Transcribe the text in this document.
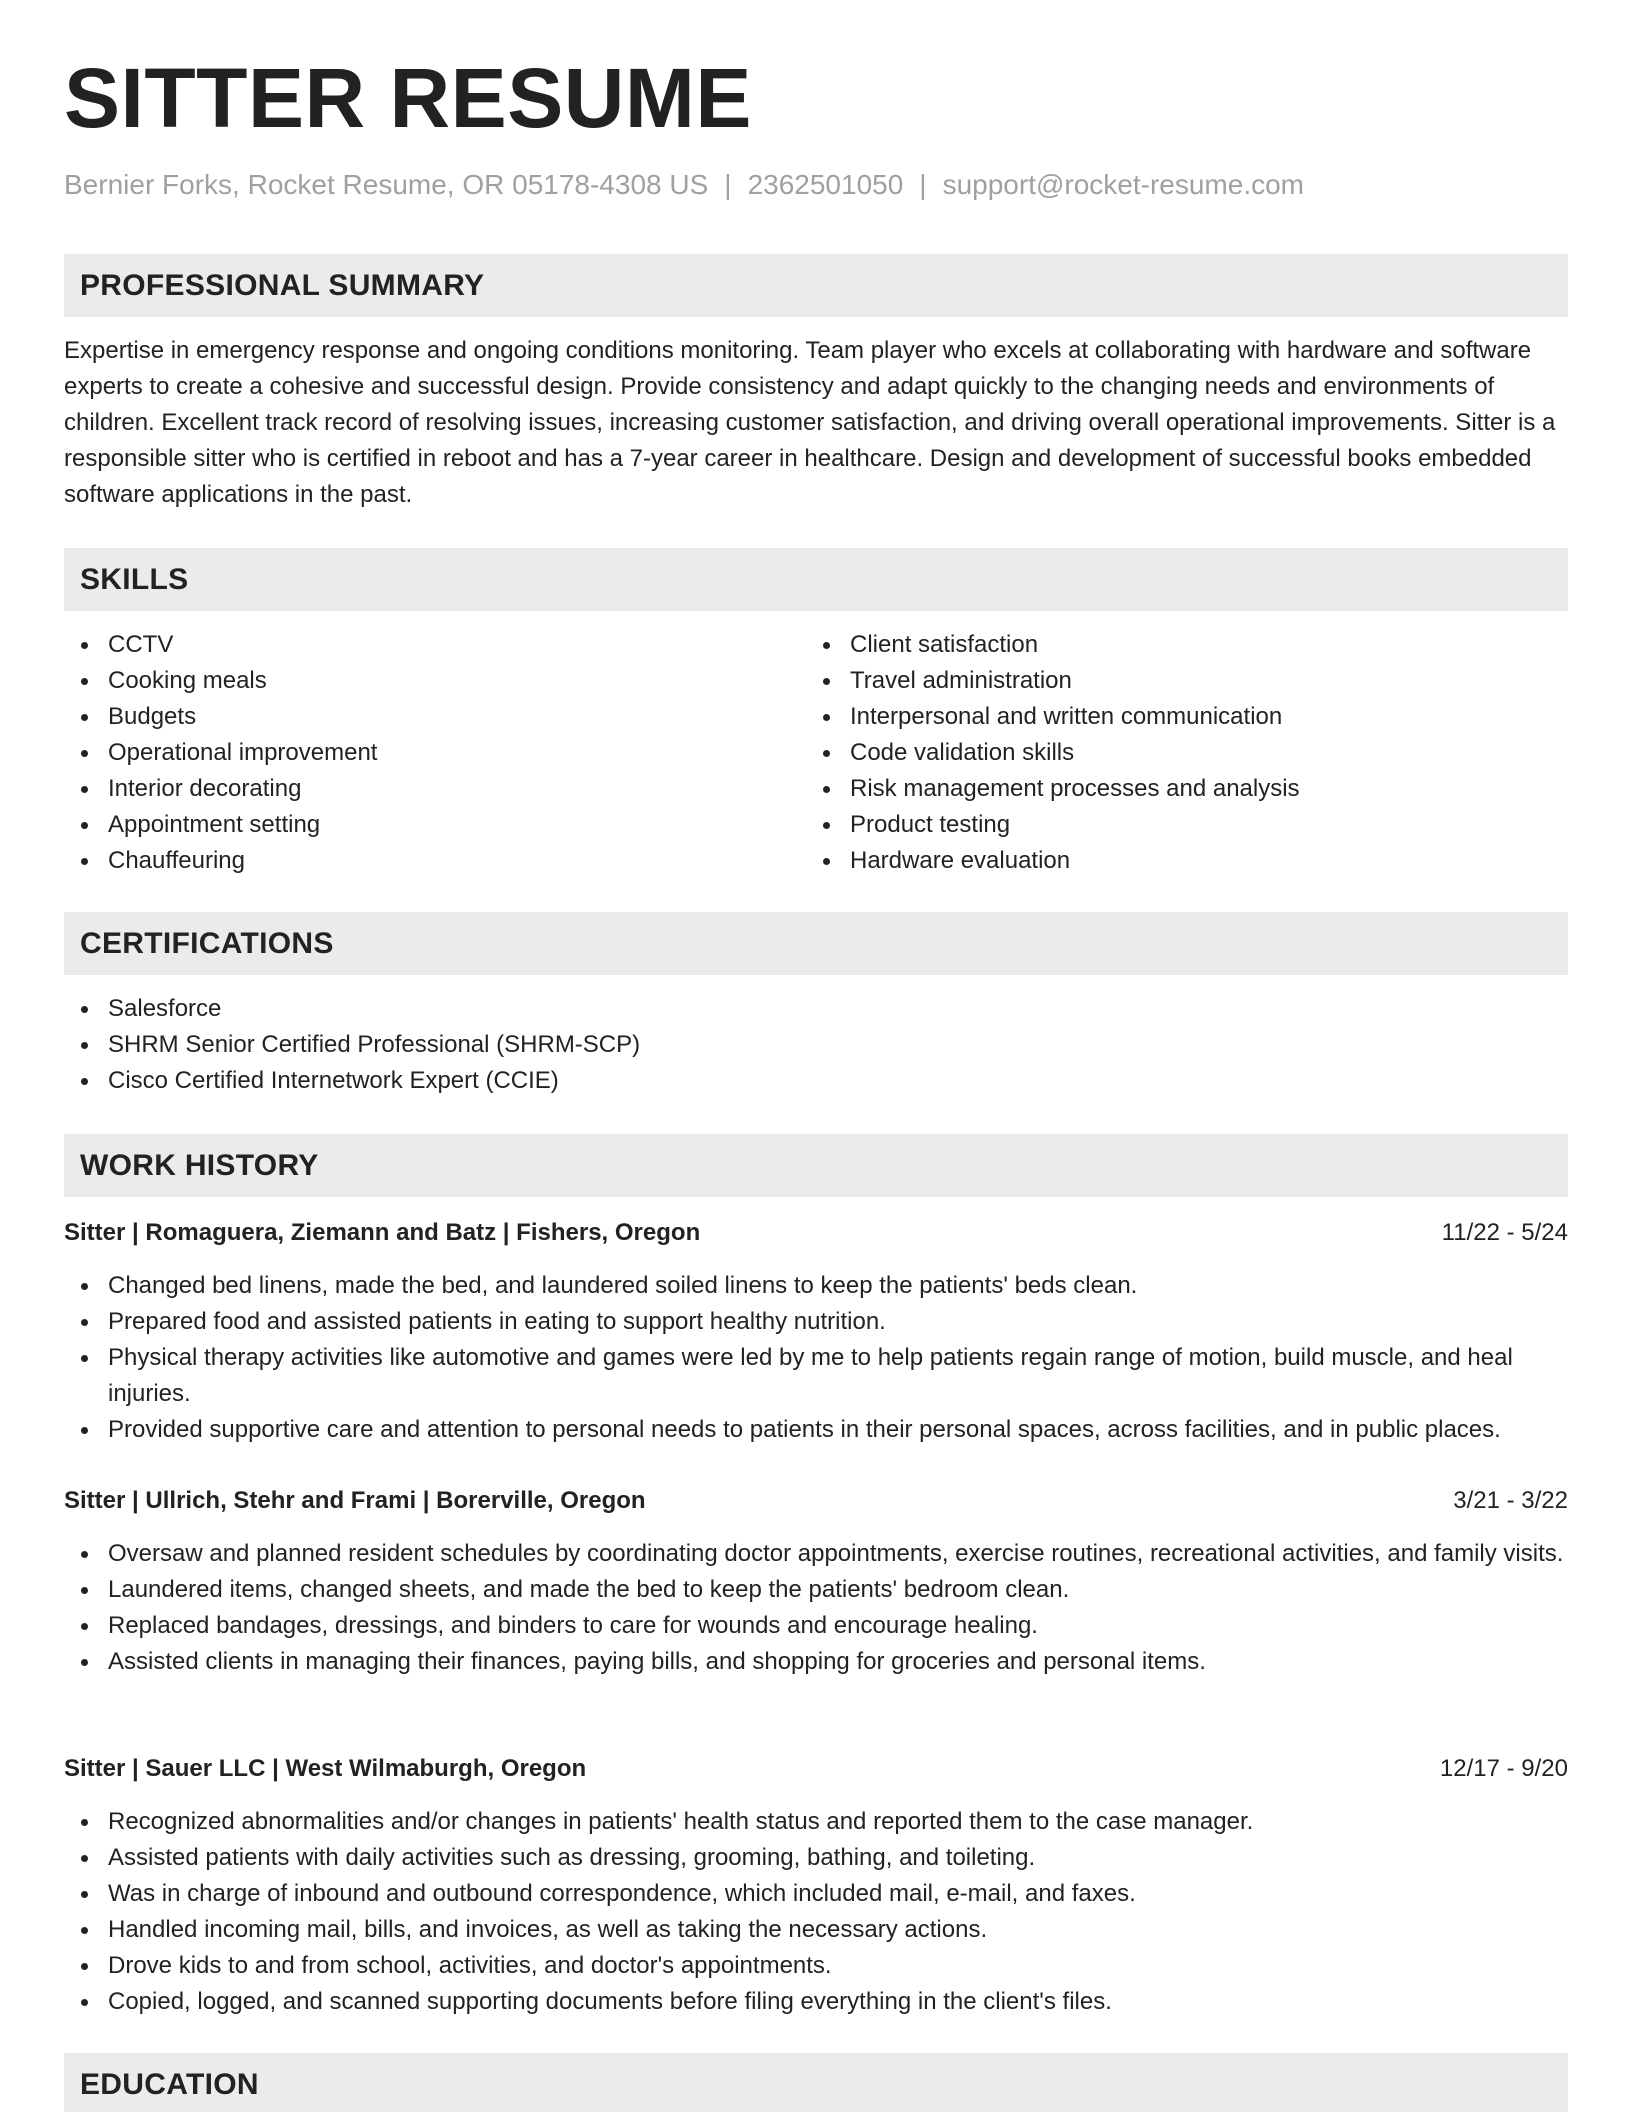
SITTER RESUME
Bernier Forks, Rocket Resume, OR 05178-4308 US | 2362501050 | support@rocket-resume.com
PROFESSIONAL SUMMARY

Expertise in emergency response and ongoing conditions monitoring. Team player who excels at collaborating with hardware and software experts to create a cohesive and successful design. Provide consistency and adapt quickly to the changing needs and environments of children. Excellent track record of resolving issues, increasing customer satisfaction, and driving overall operational improvements. Sitter is a responsible sitter who is certified in reboot and has a 7-year career in healthcare. Design and development of successful books embedded software applications in the past.

SKILLS
CCTV
Cooking meals
Budgets
Operational improvement
Interior decorating
Appointment setting
Chauffeuring
Client satisfaction
Travel administration
Interpersonal and written communication
Code validation skills
Risk management processes and analysis
Product testing
Hardware evaluation
CERTIFICATIONS
Salesforce
SHRM Senior Certified Professional (SHRM-SCP)
Cisco Certified Internetwork Expert (CCIE)
WORK HISTORY
Sitter | Romaguera, Ziemann and Batz | Fishers, Oregon	11/22 - 5/24
Changed bed linens, made the bed, and laundered soiled linens to keep the patients' beds clean.
Prepared food and assisted patients in eating to support healthy nutrition.
Physical therapy activities like automotive and games were led by me to help patients regain range of motion, build muscle, and heal injuries.
Provided supportive care and attention to personal needs to patients in their personal spaces, across facilities, and in public places.
Sitter | Ullrich, Stehr and Frami | Borerville, Oregon	3/21 - 3/22
Oversaw and planned resident schedules by coordinating doctor appointments, exercise routines, recreational activities, and family visits.
Laundered items, changed sheets, and made the bed to keep the patients' bedroom clean.
Replaced bandages, dressings, and binders to care for wounds and encourage healing.
Assisted clients in managing their finances, paying bills, and shopping for groceries and personal items.
Sitter | Sauer LLC | West Wilmaburgh, Oregon	12/17 - 9/20
Recognized abnormalities and/or changes in patients' health status and reported them to the case manager.
Assisted patients with daily activities such as dressing, grooming, bathing, and toileting.
Was in charge of inbound and outbound correspondence, which included mail, e-mail, and faxes.
Handled incoming mail, bills, and invoices, as well as taking the necessary actions.
Drove kids to and from school, activities, and doctor's appointments.
Copied, logged, and scanned supporting documents before filing everything in the client's files.
EDUCATION
